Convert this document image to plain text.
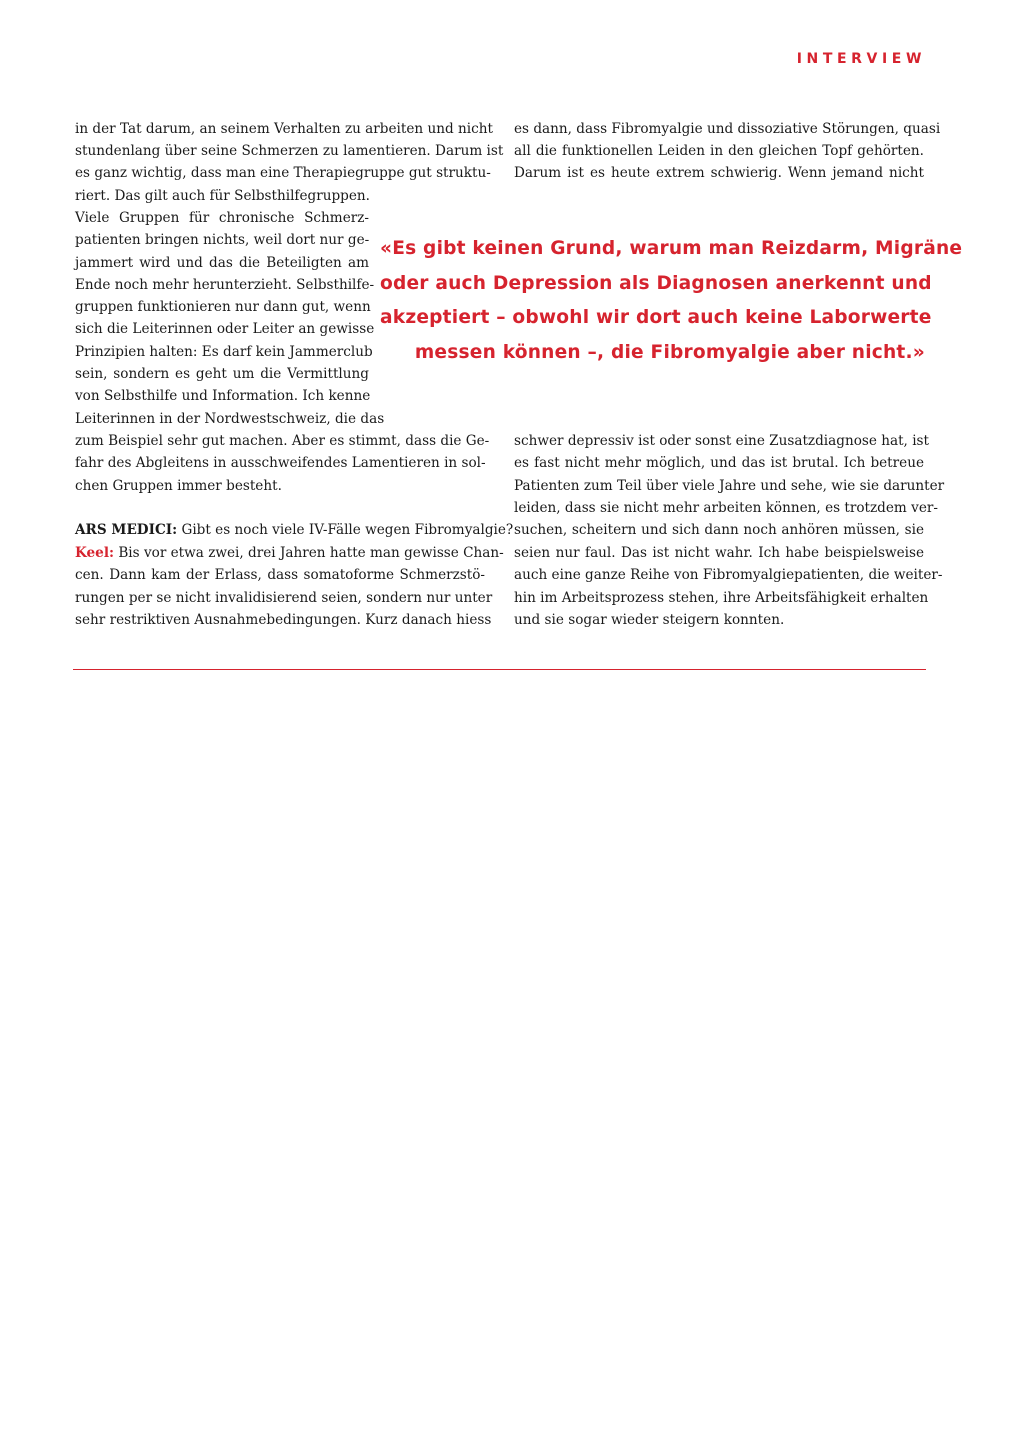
INTERVIEW
in der Tat darum, an seinem Verhalten zu arbeiten und nicht
stundenlang über seine Schmerzen zu lamentieren. Darum ist
es ganz wichtig, dass man eine Therapiegruppe gut struktu-
riert. Das gilt auch für Selbsthilfegruppen.
Viele Gruppen für chronische Schmerz-
patienten bringen nichts, weil dort nur ge-
jammert wird und das die Beteiligten am
Ende noch mehr herunterzieht. Selbsthilfe-
gruppen funktionieren nur dann gut, wenn
sich die Leiterinnen oder Leiter an gewisse
Prinzipien halten: Es darf kein Jammerclub
sein, sondern es geht um die Vermittlung
von Selbsthilfe und Information. Ich kenne
Leiterinnen in der Nordwestschweiz, die das
zum Beispiel sehr gut machen. Aber es stimmt, dass die Ge-
fahr des Abgleitens in ausschweifendes Lamentieren in sol-
chen Gruppen immer besteht.
ARS MEDICI: Gibt es noch viele IV-Fälle wegen Fibromyalgie?
Keel: Bis vor etwa zwei, drei Jahren hatte man gewisse Chan-
cen. Dann kam der Erlass, dass somatoforme Schmerzstö-
rungen per se nicht invalidisierend seien, sondern nur unter
sehr restriktiven Ausnahmebedingungen. Kurz danach hiess
es dann, dass Fibromyalgie und dissoziative Störungen, quasi
all die funktionellen Leiden in den gleichen Topf gehörten.
Darum ist es heute extrem schwierig. Wenn jemand nicht
«Es gibt keinen Grund, warum man Reizdarm, Migräne
oder auch Depression als Diagnosen anerkennt und
akzeptiert – obwohl wir dort auch keine Laborwerte
messen können –, die Fibromyalgie aber nicht.»
schwer depressiv ist oder sonst eine Zusatzdiagnose hat, ist
es fast nicht mehr möglich, und das ist brutal. Ich betreue
Patienten zum Teil über viele Jahre und sehe, wie sie darunter
leiden, dass sie nicht mehr arbeiten können, es trotzdem ver-
suchen, scheitern und sich dann noch anhören müssen, sie
seien nur faul. Das ist nicht wahr. Ich habe beispielsweise
auch eine ganze Reihe von Fibromyalgiepatienten, die weiter-
hin im Arbeitsprozess stehen, ihre Arbeitsfähigkeit erhalten
und sie sogar wieder steigern konnten.
